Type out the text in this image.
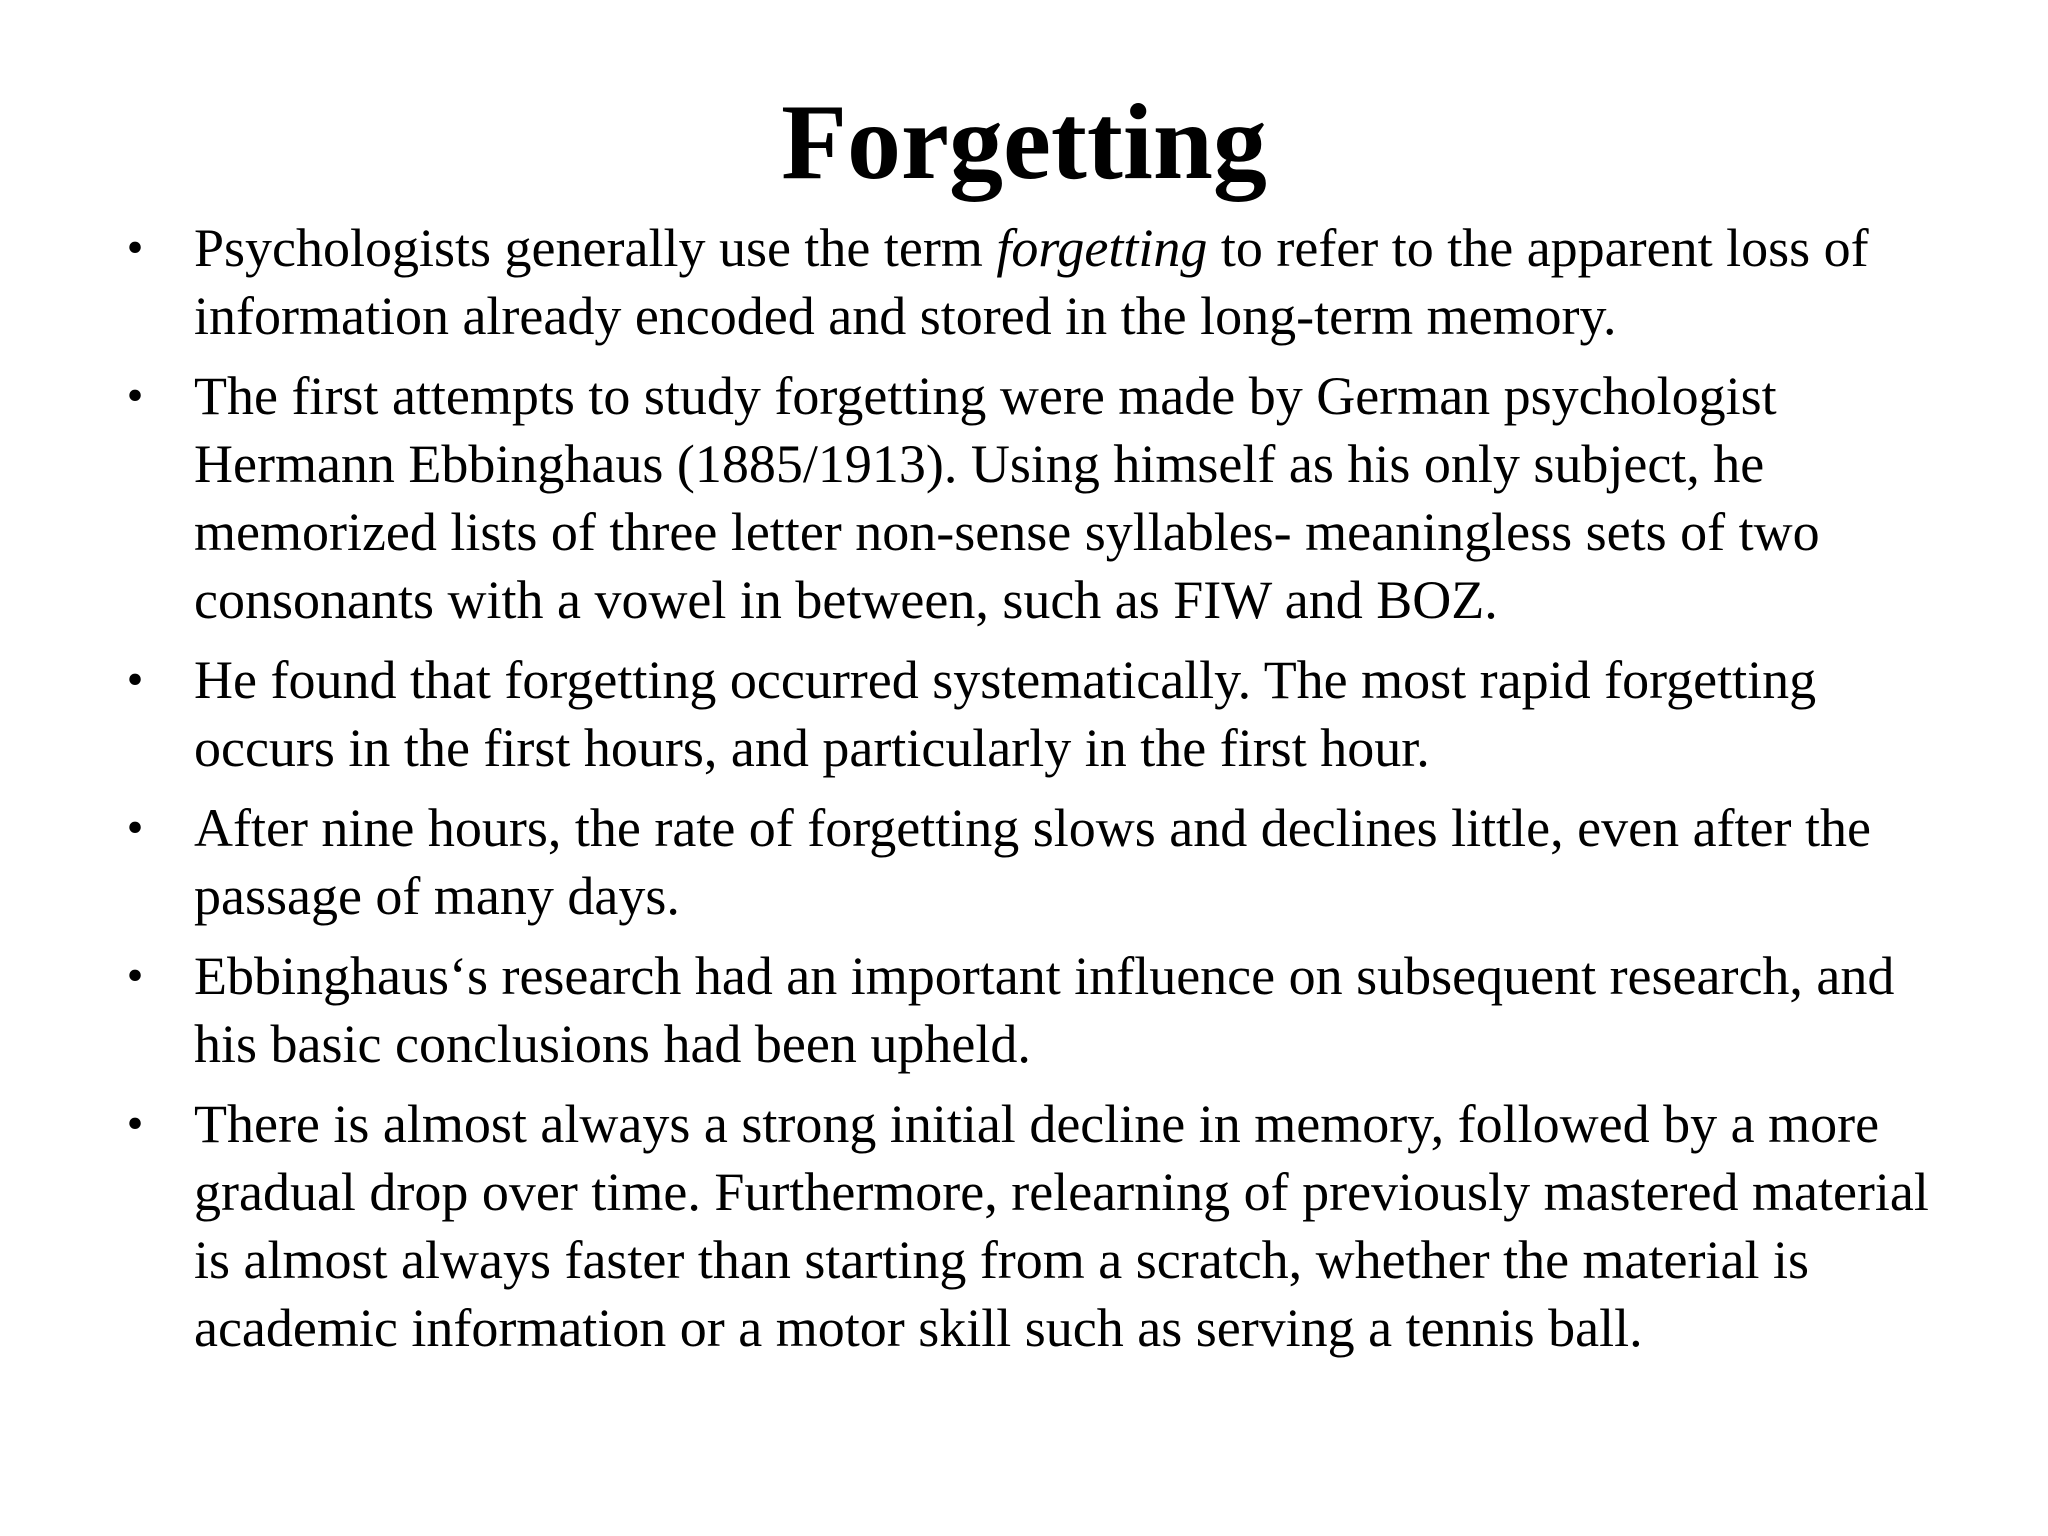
Forgetting
• Psychologists generally use the term forgetting to refer to the apparent loss of information already encoded and stored in the long-term memory.
• The first attempts to study forgetting were made by German psychologist Hermann Ebbinghaus (1885/1913). Using himself as his only subject, he memorized lists of three letter non-sense syllables- meaningless sets of two consonants with a vowel in between, such as FIW and BOZ.
• He found that forgetting occurred systematically. The most rapid forgetting occurs in the first hours, and particularly in the first hour.
• After nine hours, the rate of forgetting slows and declines little, even after the passage of many days.
• Ebbinghaus‘s research had an important influence on subsequent research, and his basic conclusions had been upheld.
• There is almost always a strong initial decline in memory, followed by a more gradual drop over time. Furthermore, relearning of previously mastered material is almost always faster than starting from a scratch, whether the material is academic information or a motor skill such as serving a tennis ball.
